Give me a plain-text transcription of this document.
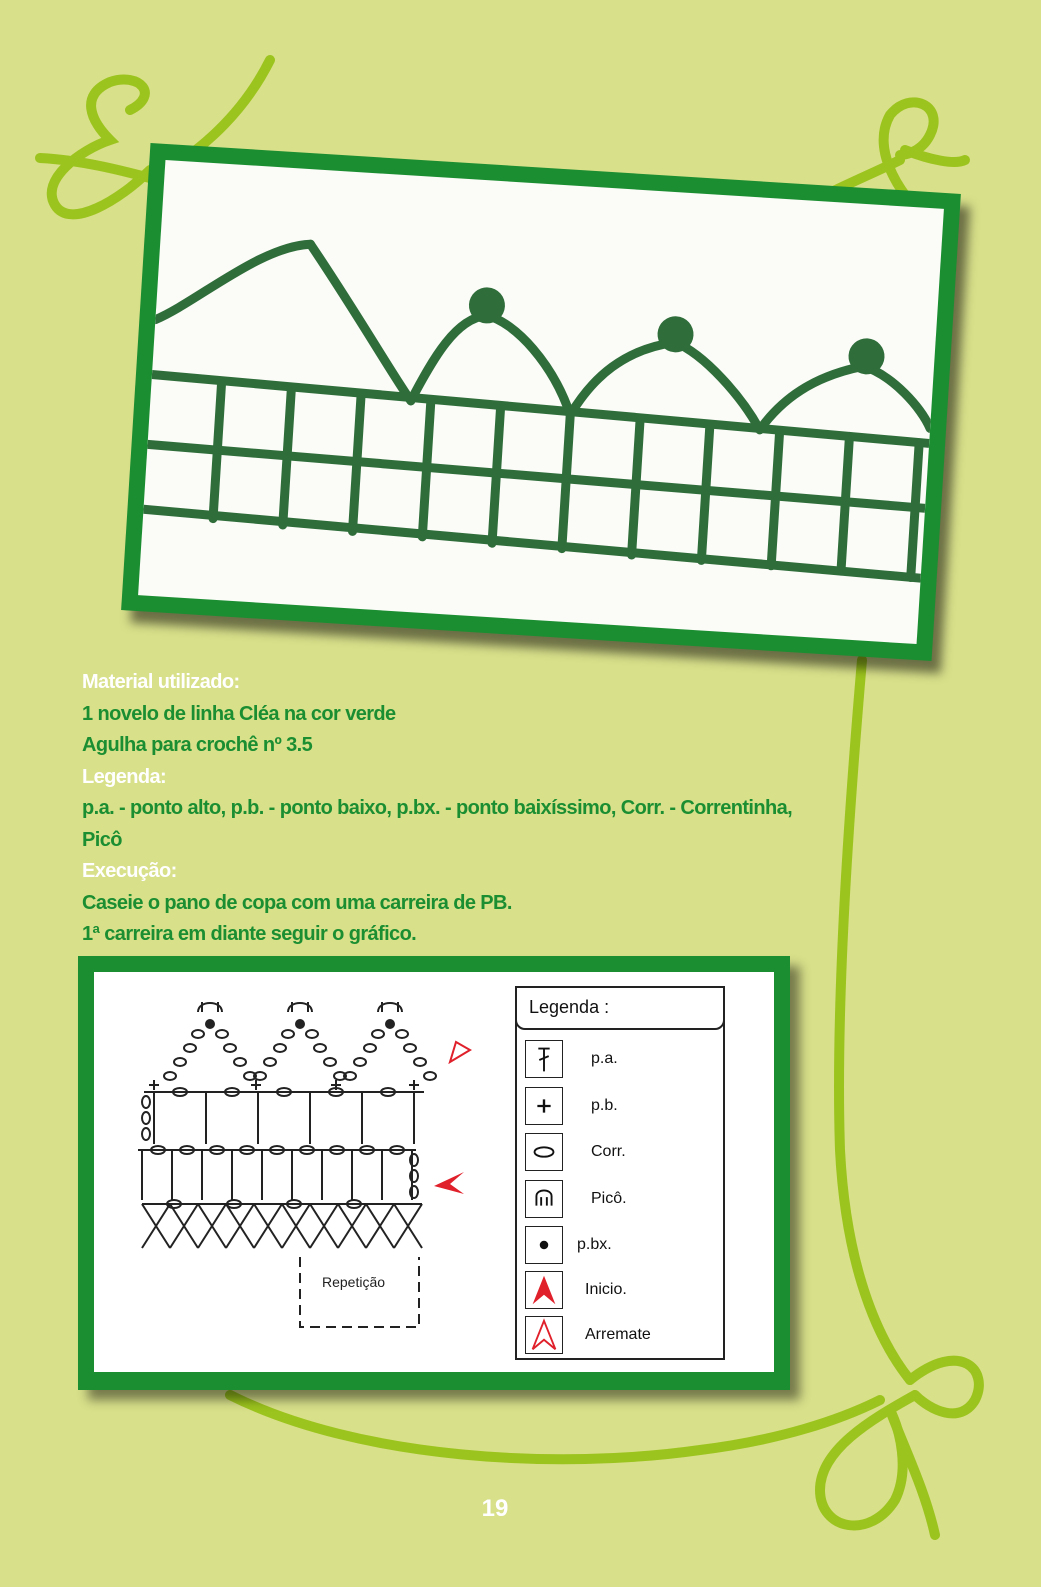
Material utilizado:
1 novelo de linha Cléa na cor verde
Agulha para crochê nº 3.5
Legenda:
p.a. - ponto alto, p.b. - ponto baixo, p.bx. - ponto baixíssimo, Corr. - Correntinha,
Picô
Execução:
Caseie o pano de copa com uma carreira de PB.
1ª carreira em diante seguir o gráfico.
Repetição
Legenda :
p.a.
p.b.
Corr.
Picô.
p.bx.
Inicio.
Arremate
19
